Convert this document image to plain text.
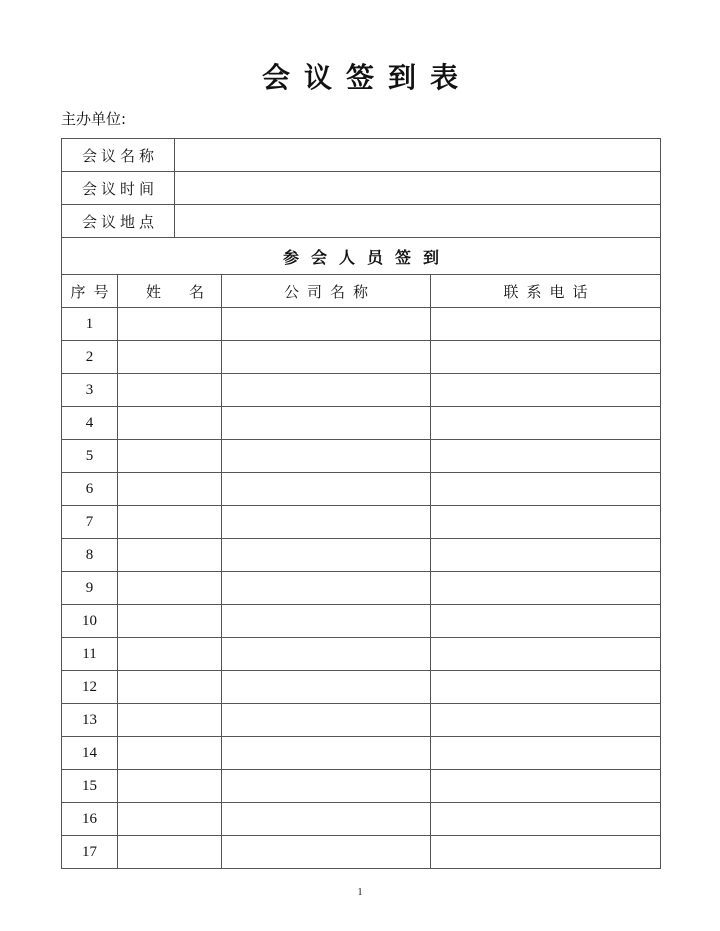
会议签到表
主办单位:
会议名称				
会议时间				
会议地点				
参会人员签到				
序号	姓名		公司名称	联系电话
1				
2				
3				
4				
5				
6				
7				
8				
9				
10				
11				
12				
13				
14				
15				
16				
17				
1
